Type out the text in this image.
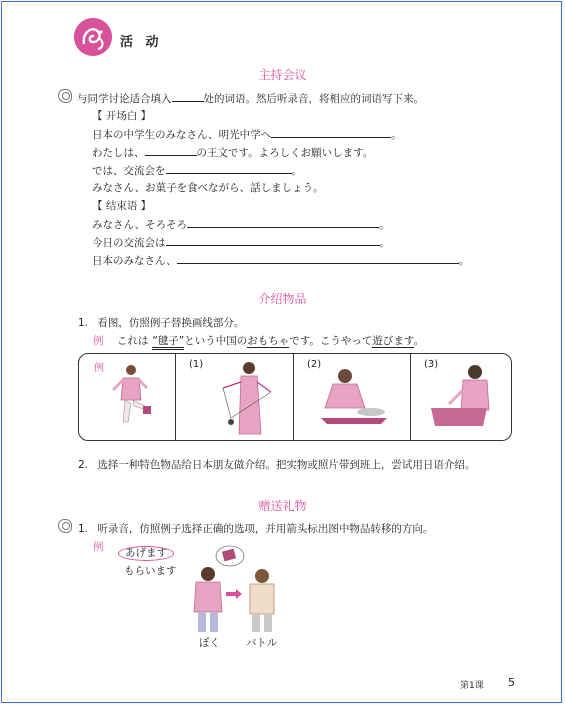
活 动
主持会议
与同学讨论适合填入	处的词语。然后听录音，将相应的词语写下来。
【 开场白 】
日本の中学生のみなさん、明光中学へ	。
わたしは、	の王文です。よろしくお願いします。
では、交流会を	。
みなさん、お菓子を食べながら、話しましょう。
【 结束语 】
みなさん、そろそろ	。
今日の交流会は	。
日本のみなさん、	。
介绍物品
1. 看图，仿照例子替换画线部分。
例 これは “毽子”という中国のおもちゃです。こうやって遊びます。
例	(1)	(2)	(3)
2. 选择一种特色物品给日本朋友做介绍。把实物或照片带到班上，尝试用日语介绍。
赠送礼物
1. 听录音，仿照例子选择正确的选项，并用箭头标出图中物品转移的方向。
例	あげます
もらいます
ぼく バトル
第1课 5
